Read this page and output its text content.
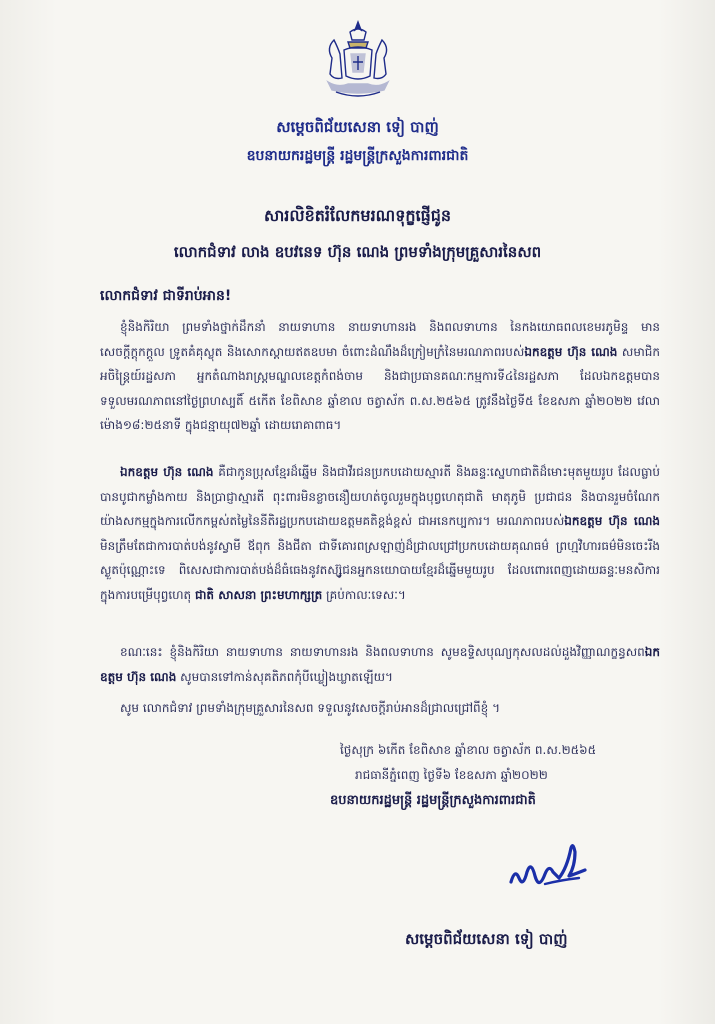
សម្តេចពិជ័យសេនា ទៀ បាញ់
ឧបនាយករដ្ឋមន្ត្រី រដ្ឋមន្ត្រីក្រសួងការពារជាតិ
សារលិខិតរំលែកមរណទុក្ខផ្ញើជូន
លោកជំទាវ លាង ឧបវនេទ ហ៊ុន ណេង ព្រមទាំងក្រុមគ្រួសារនៃសព
លោកជំទាវ ជាទីរាប់អាន!

ខ្ញុំនិងកិរិយា ព្រមទាំងថ្នាក់ដឹកនាំ នាយទាហាន នាយទាហានរង និងពលទាហាន នៃកងយោធពលខេមរភូមិន្ទ មានសេចក្តីក្តុកក្តួល ទ្រូតគំគុស្លុត និងសោកស្តាយឥតឧបមា ចំពោះដំណឹងដ៏ក្រៀមក្រំនៃមរណភាពរបស់ឯកឧត្តម ហ៊ុន ណេង សមាជិកអចិន្ត្រៃយ៍រដ្ឋសភា អ្នកតំណាងរាស្ត្រមណ្ឌលខេត្តកំពង់ចាម និងជាប្រធានគណៈកម្មការទី៤នៃរដ្ឋសភា ដែលឯកឧត្តមបានទទួលមរណភាពនៅថ្ងៃព្រហស្បតិ៍ ៥កើត ខែពិសាខ ឆ្នាំខាល ចត្វាស័ក ព.ស.២៥៦៥ ត្រូវនឹងថ្ងៃទី៥ ខែឧសភា ឆ្នាំ២០២២ វេលាម៉ោង១៨:២៥នាទី ក្នុងជន្មាយុ៧២ឆ្នាំ ដោយរោគាពាធ។

ឯកឧត្តម ហ៊ុន ណេង គឺជាកូនប្រុសខ្មែរដ៏ឆ្នើម និងជាវីរជនប្រកបដោយស្មារតី និងឆន្ទៈស្នេហាជាតិដ៏មោះមុតមួយរូប ដែលធ្លាប់បានបូជាកម្លាំងកាយ និងប្រាជ្ញាស្មារតី ពុះពារមិនខ្លាចនឿយហត់ចូលរួមក្នុងបុព្វហេតុជាតិ មាតុភូមិ ប្រជាជន និងបានរួមចំណែកយ៉ាងសកម្មក្នុងការលើកកម្ពស់តម្លៃនៃនីតិរដ្ឋប្រកបដោយឧត្តមគតិខ្ពង់ខ្ពស់ ជាអនេកប្បការ។ មរណភាពរបស់ឯកឧត្តម ហ៊ុន ណេង មិនត្រឹមតែជាការបាត់បង់នូវស្វាមី ឪពុក និងជីតា ជាទីគោរពស្រឡាញ់ដ៏ជ្រាលជ្រៅប្រកបដោយគុណធម៌ ព្រហ្មវិហារធម៌មិនចេះរីងស្ងួតប៉ុណ្ណោះទេ ពិសេសជាការបាត់បង់ដ៏ធំធេងនូវតស្ស៊ូជនអ្នកនយោបាយខ្មែរដ៏ឆ្នើមមួយរូប ដែលពោរពេញដោយឆន្ទៈមនសិការ ក្នុងការបម្រើបុព្វហេតុ ជាតិ សាសនា ព្រះមហាក្សត្រ គ្រប់កាលៈទេសៈ។

ខណៈនេះ ខ្ញុំនិងកិរិយា នាយទាហាន នាយទាហានរង និងពលទាហាន សូមឧទ្ទិសបុណ្យកុសលដល់ដួងវិញ្ញាណក្ខន្ធសពឯកឧត្តម ហ៊ុន ណេង សូមបានទៅកាន់សុគតិភពកុំបីឃ្លៀងឃ្លាតឡើយ។

សូម លោកជំទាវ ព្រមទាំងក្រុមគ្រួសារនៃសព ទទួលនូវសេចក្តីរាប់អានដ៏ជ្រាលជ្រៅពីខ្ញុំ ។

ថ្ងៃសុក្រ ៦កើត ខែពិសាខ ឆ្នាំខាល ចត្វាស័ក ព.ស.២៥៦៥
រាជធានីភ្នំពេញ ថ្ងៃទី៦ ខែឧសភា ឆ្នាំ២០២២
ឧបនាយករដ្ឋមន្ត្រី រដ្ឋមន្ត្រីក្រសួងការពារជាតិ
សម្តេចពិជ័យសេនា ទៀ បាញ់
